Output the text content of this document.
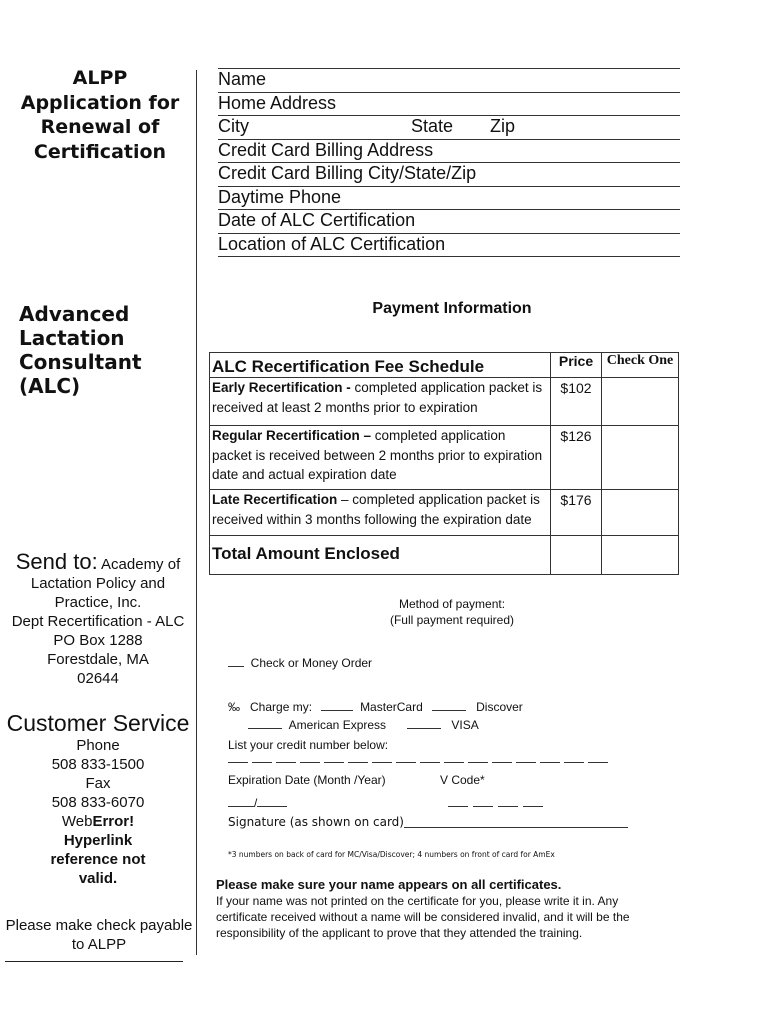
ALPP
Application for
Renewal of
Certification
Advanced
Lactation
Consultant (ALC)
Send to: Academy of
Lactation Policy and
Practice, Inc.
Dept Recertification - ALC
PO Box 1288
Forestdale, MA
02644
Customer Service
Phone
508 833-1500
Fax
508 833-6070
WebError!
Hyperlink
reference not
valid.
Please make check payable
to ALPP
Name
Home Address
City	State Zip
Credit Card Billing Address
Credit Card Billing City/State/Zip
Daytime Phone
Date of ALC Certification
Location of ALC Certification
Payment Information
ALC Recertification Fee Schedule	Price	Check One
Early Recertification - completed application packet is received at least 2 months prior to expiration	$102	
Regular Recertification – completed application packet is received between 2 months prior to expiration date and actual expiration date	$126	
Late Recertification – completed application packet is received within 3 months following the expiration date	$176	
Total Amount Enclosed		
Method of payment:
(Full payment required)
Check or Money Order
‰ Charge my:	MasterCard	Discover
American Express	VISA
List your credit number below:
Expiration Date (Month /Year)	V Code*
/
Signature (as shown on card)
*3 numbers on back of card for MC/Visa/Discover; 4 numbers on front of card for AmEx
Please make sure your name appears on all certificates.
If your name was not printed on the certificate for you, please write it in. Any certificate received without a name will be considered invalid, and it will be the responsibility of the applicant to prove that they attended the training.
